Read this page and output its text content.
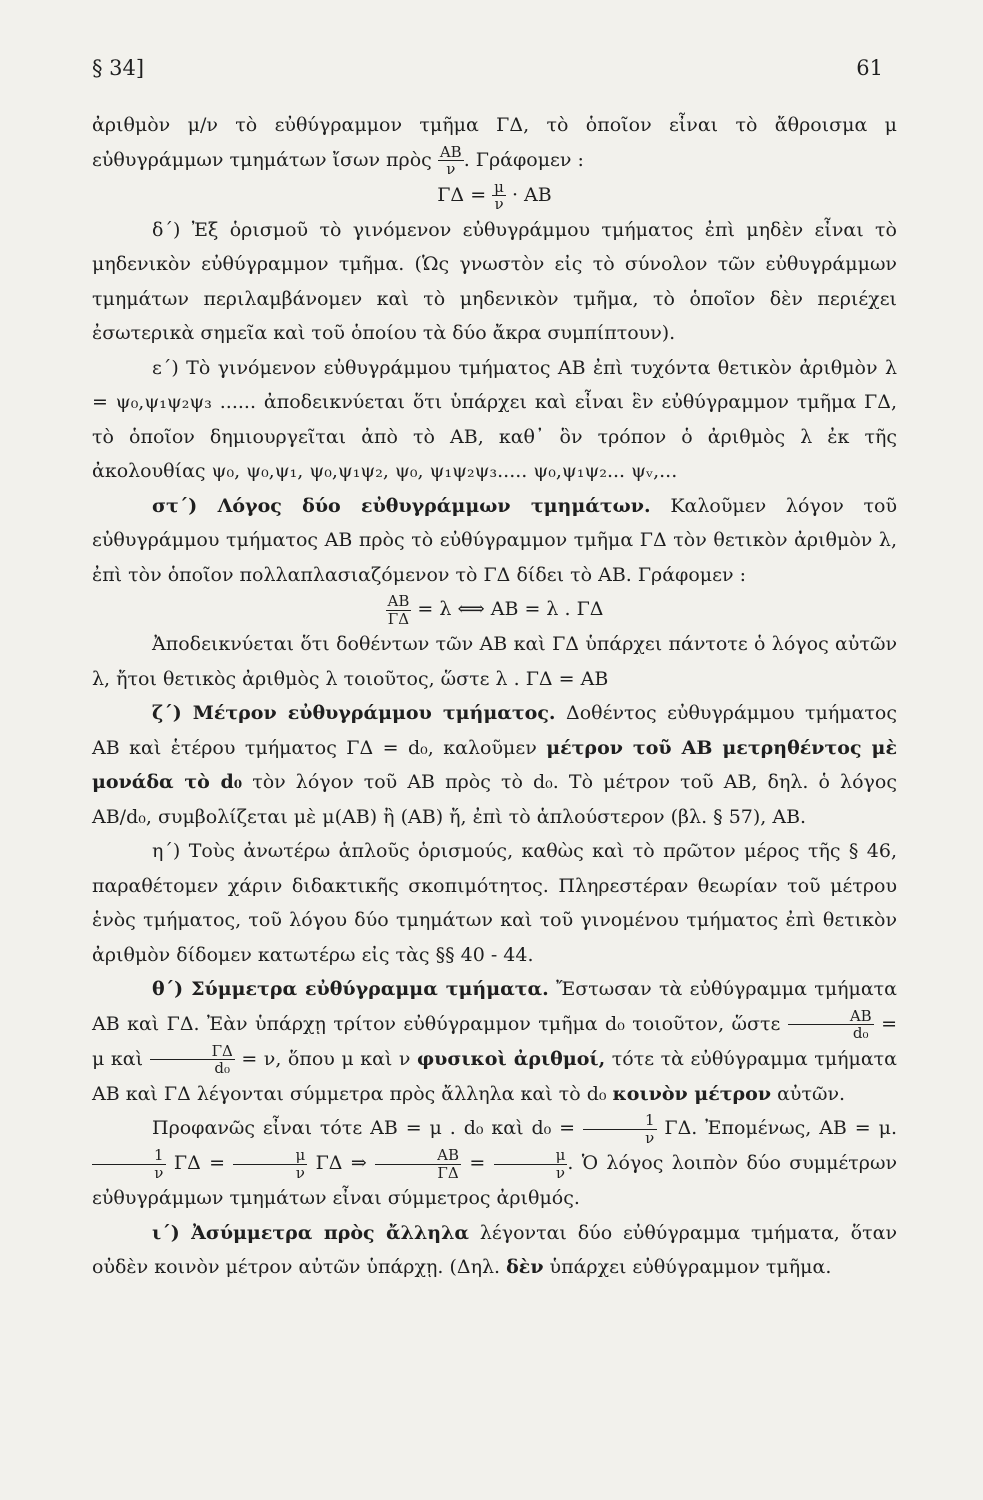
§ 34]	61

ἀριθμὸν μ/ν τὸ εὐθύγραμμον τμῆμα ΓΔ, τὸ ὁποῖον εἶναι τὸ ἄθροισμα μ εὐθυγράμμων τμημάτων ἴσων πρὸς $\frac{AB}{\nu}$ . Γράφομεν :

$\Gamma\Delta = \frac{\mu}{\nu}$ · AB

δ΄) Ἐξ ὁρισμοῦ τὸ γινόμενον εὐθυγράμμου τμήματος ἐπὶ μηδὲν εἶναι τὸ μηδενικὸν εὐθύγραμμον τμῆμα. (Ὡς γνωστὸν εἰς τὸ σύνολον τῶν εὐθυγράμμων τμημάτων περιλαμβάνομεν καὶ τὸ μηδενικὸν τμῆμα, τὸ ὁποῖον δὲν περιέχει ἐσωτερικὰ σημεῖα καὶ τοῦ ὁποίου τὰ δύο ἄκρα συμπίπτουν).

ε΄) Τὸ γινόμενον εὐθυγράμμου τμήματος AB ἐπὶ τυχόντα θετικὸν ἀριθμὸν λ = ψ₀,ψ₁ψ₂ψ₃ ...... ἀποδεικνύεται ὅτι ὑπάρχει καὶ εἶναι ἓν εὐθύγραμμον τμῆμα ΓΔ, τὸ ὁποῖον δημιουργεῖται ἀπὸ τὸ AB, καθ᾽ ὃν τρόπον ὁ ἀριθμὸς λ ἐκ τῆς ἀκολουθίας ψ₀, ψ₀,ψ₁, ψ₀,ψ₁ψ₂, ψ₀, ψ₁ψ₂ψ₃..... ψ₀,ψ₁ψ₂... ψᵥ,...

στ΄) Λόγος δύο εὐθυγράμμων τμημάτων. Καλοῦμεν λόγον τοῦ εὐθυγράμμου τμήματος AB πρὸς τὸ εὐθύγραμμον τμῆμα ΓΔ τὸν θετικὸν ἀριθμὸν λ, ἐπὶ τὸν ὁποῖον πολλαπλασιαζόμενον τὸ ΓΔ δίδει τὸ AB. Γράφομεν :

$\frac{AB}{\Gamma\Delta} = \lambda$ ⟺ AB = λ . ΓΔ

Ἀποδεικνύεται ὅτι δοθέντων τῶν AB καὶ ΓΔ ὑπάρχει πάντοτε ὁ λόγος αὐτῶν λ, ἤτοι θετικὸς ἀριθμὸς λ τοιοῦτος, ὥστε λ . ΓΔ = AB

ζ΄) Μέτρον εὐθυγράμμου τμήματος. Δοθέντος εὐθυγράμμου τμήματος AB καὶ ἑτέρου τμήματος ΓΔ = d₀, καλοῦμεν μέτρον τοῦ AB μετρηθέντος μὲ μονάδα τὸ d₀ τὸν λόγον τοῦ AB πρὸς τὸ d₀. Τὸ μέτρον τοῦ AB, δηλ. ὁ λόγος AB/d₀, συμβολίζεται μὲ μ(AB) ἢ (AB) ἤ, ἐπὶ τὸ ἁπλούστερον (βλ. § 57), AB.

η΄) Τοὺς ἀνωτέρω ἁπλοῦς ὁρισμούς, καθὼς καὶ τὸ πρῶτον μέρος τῆς § 46, παραθέτομεν χάριν διδακτικῆς σκοπιμότητος. Πληρεστέραν θεωρίαν τοῦ μέτρου ἑνὸς τμήματος, τοῦ λόγου δύο τμημάτων καὶ τοῦ γινομένου τμήματος ἐπὶ θετικὸν ἀριθμὸν δίδομεν κατωτέρω εἰς τὰς §§ 40 - 44.

θ΄) Σύμμετρα εὐθύγραμμα τμήματα. Ἔστωσαν τὰ εὐθύγραμμα τμήματα AB καὶ ΓΔ. Ἐὰν ὑπάρχῃ τρίτον εὐθύγραμμον τμῆμα d₀ τοιοῦτον, ὥστε $\frac{AB}{\text{d₀}} = \mu$ καὶ $\frac{\Gamma\Delta}{\text{d₀}} = \nu$, ὅπου μ καὶ ν φυσικοὶ ἀριθμοί, τότε τὰ εὐθύγραμμα τμήματα AB καὶ ΓΔ λέγονται σύμμετρα πρὸς ἄλληλα καὶ τὸ d₀ κοινὸν μέτρον αὐτῶν.

Προφανῶς εἶναι τότε AB = μ . d₀ καὶ $d_0 = \frac{1}{\nu} \Gamma\Delta$. Ἐπομένως, AB = μ.
$\frac{1}{\nu}$ $\Gamma\Delta = \frac{\mu}{\nu}$ ΓΔ ⇒ $\frac{AB}{\Gamma\Delta} = \frac{\mu}{\nu}$ . Ὁ λόγος λοιπὸν δύο συμμέτρων εὐθυγράμμων τμημάτων εἶναι σύμμετρος ἀριθμός.

ι΄) Ἀσύμμετρα πρὸς ἄλληλα λέγονται δύο εὐθύγραμμα τμήματα, ὅταν οὐδὲν κοινὸν μέτρον αὐτῶν ὑπάρχῃ. (Δηλ. δὲν ὑπάρχει εὐθύγραμμον τμῆμα.
